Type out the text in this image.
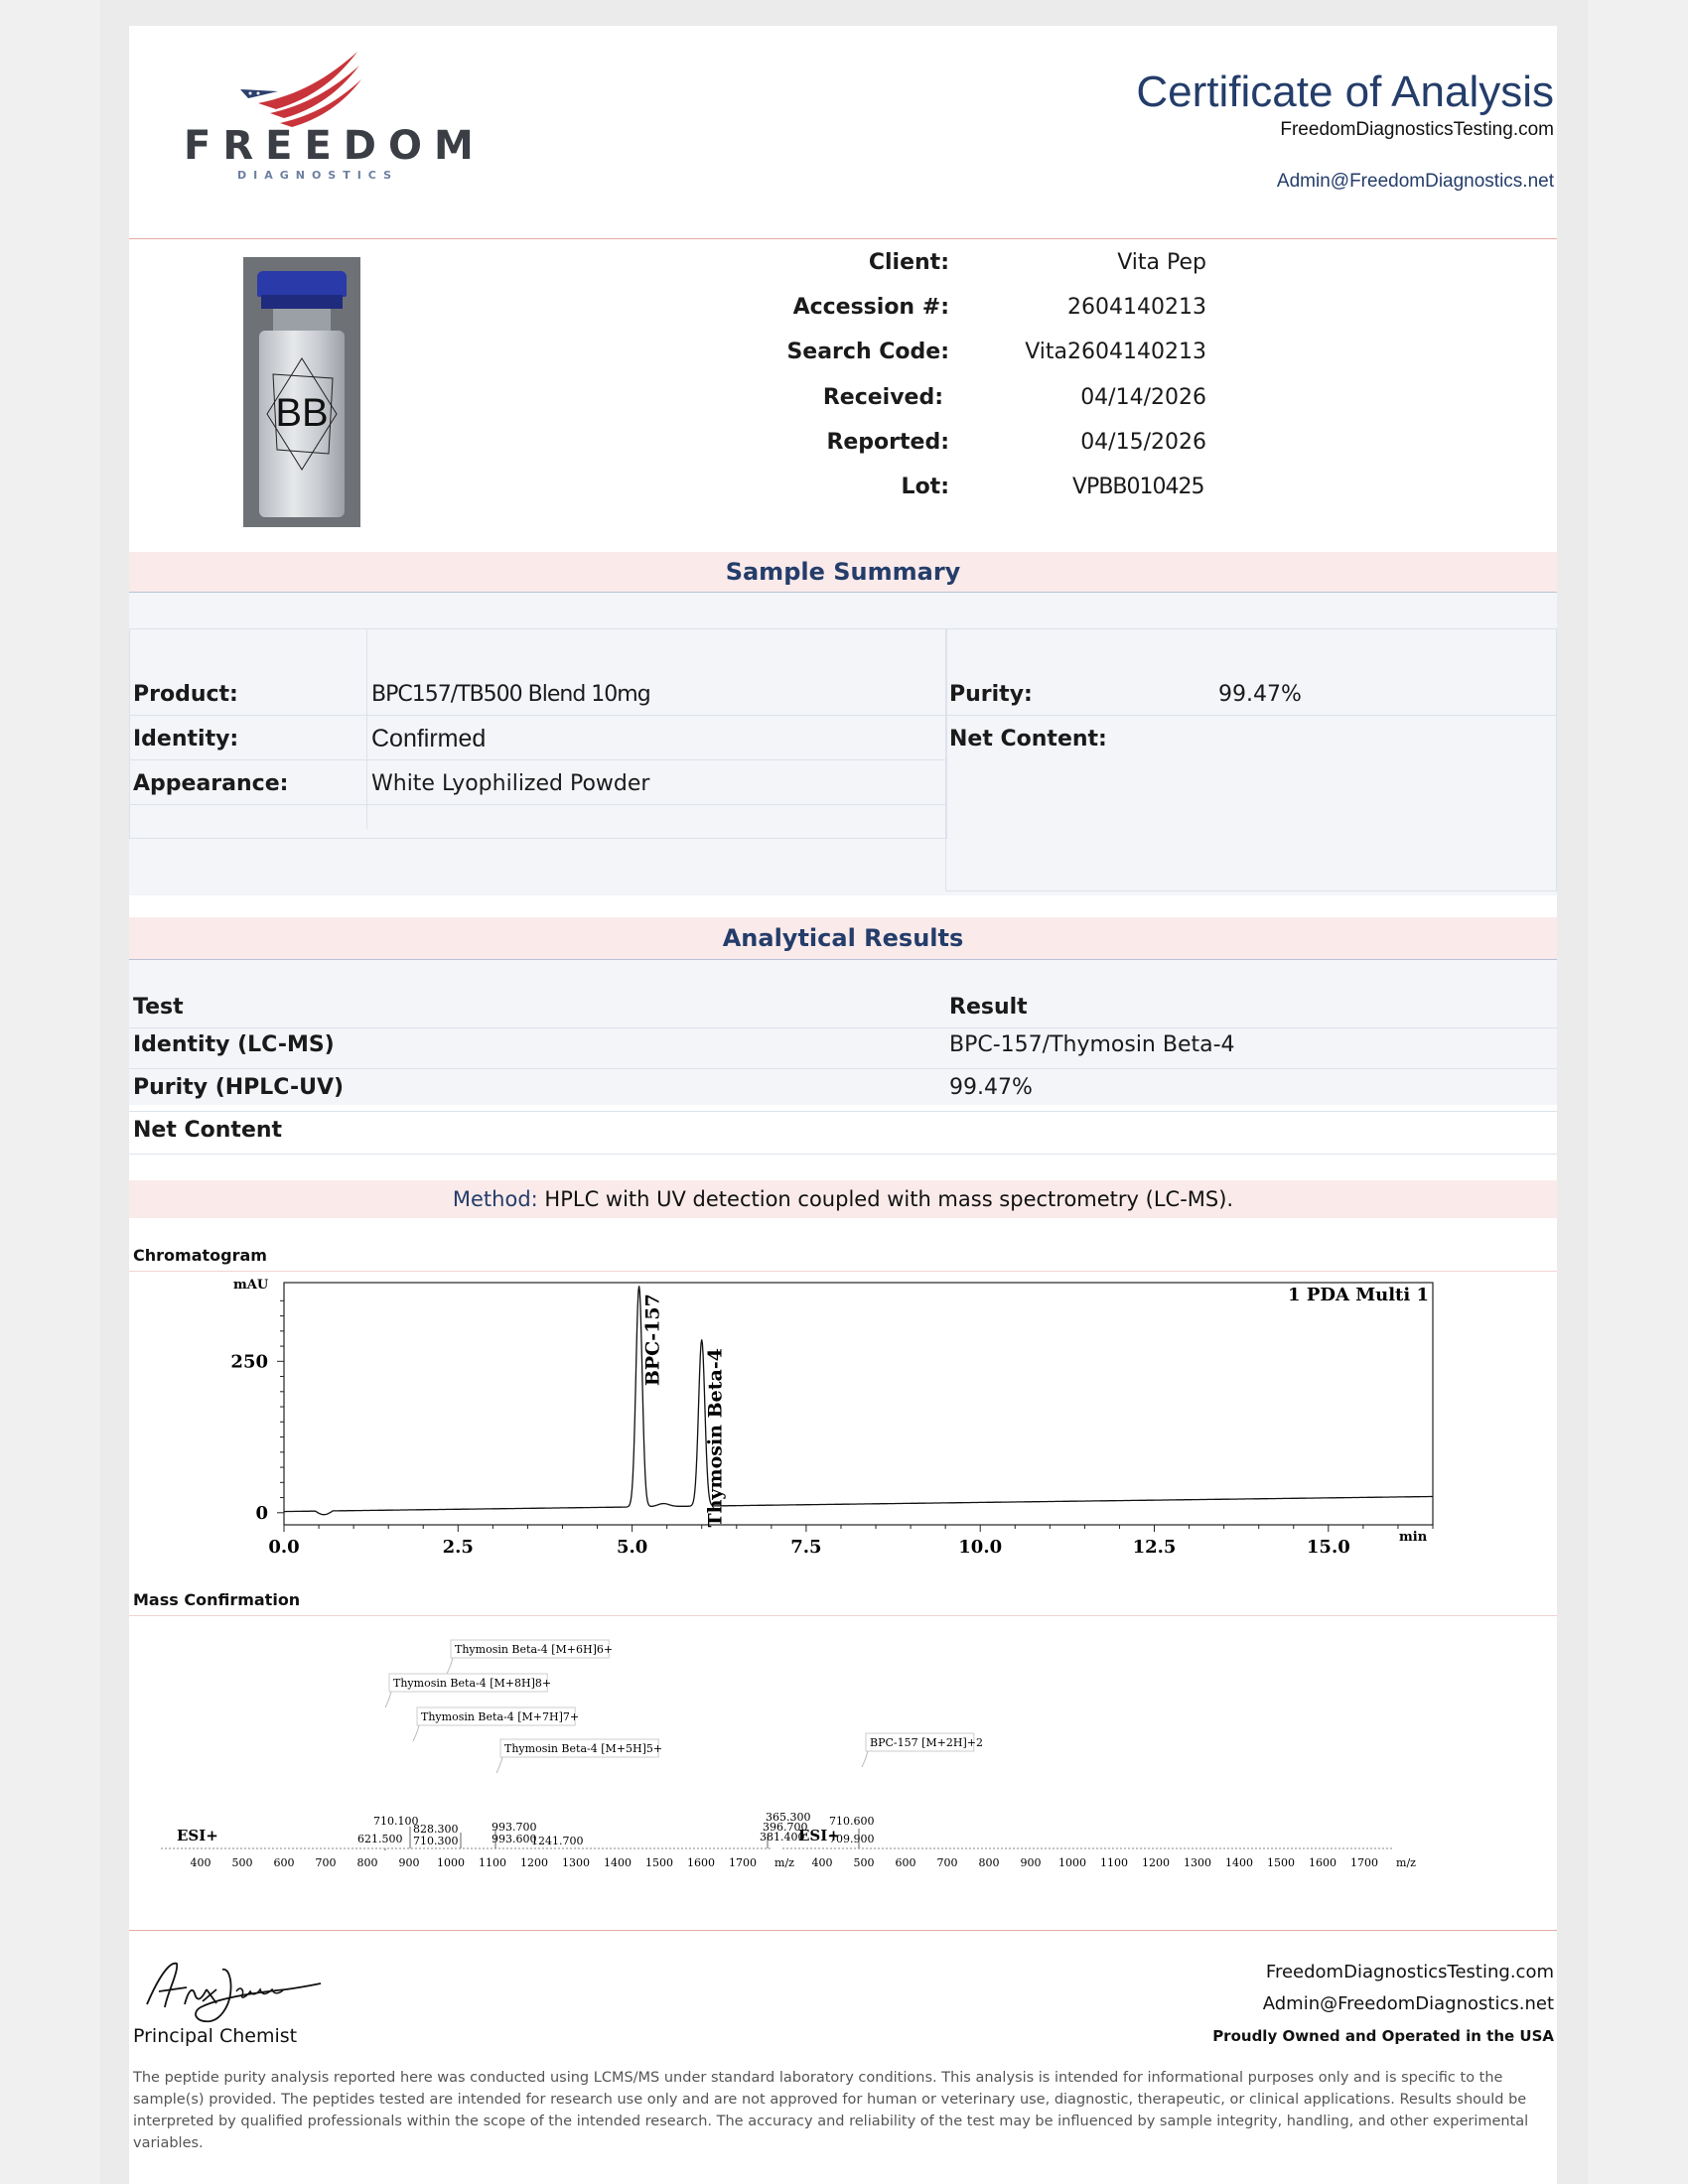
FREEDOM
DIAGNOSTICS
Certificate of Analysis
FreedomDiagnosticsTesting.com
Admin@FreedomDiagnostics.net
BB
Client:	Vita Pep
Accession #:	2604140213
Search Code:	Vita2604140213
Received:	04/14/2026
Reported:	04/15/2026
Lot:	VPBB010425
Sample Summary
Product:	BPC157/TB500 Blend 10mg
Identity:	Confirmed
Appearance:	White Lyophilized Powder
Purity:	99.47%
Net Content:
Analytical Results
Test	Result
Identity (LC-MS)	BPC-157/Thymosin Beta-4
Purity (HPLC-UV)	99.47%
Net Content
Method: HPLC with UV detection coupled with mass spectrometry (LC-MS).
Chromatogram
mAU
min
1 PDA Multi 1
0.0	2.5	5.0	7.5	10.0	12.5	15.0
0
250	BPC-157
Thymosin Beta-4
Mass Confirmation
ESI+
400 500 600 700 800 900 1000 1100 1200 1300 1400 1500 1600 1700 m/z
621.500
710.100
828.300
710.300
993.700
993.600
1241.700
Thymosin Beta-4 [M+6H]6+
Thymosin Beta-4 [M+8H]8+
Thymosin Beta-4 [M+7H]7+
Thymosin Beta-4 [M+5H]5+
ESI+
400 500 600 700 800 900 1000 1100 1200 1300 1400 1500 1600 1700 m/z
365.300
396.700
381.400
710.600
709.900
BPC-157 [M+2H]+2
Principal Chemist
FreedomDiagnosticsTesting.com
Admin@FreedomDiagnostics.net
Proudly Owned and Operated in the USA
The peptide purity analysis reported here was conducted using LCMS/MS under standard laboratory conditions. This analysis is intended for informational purposes only and is specific to the sample(s) provided. The peptides tested are intended for research use only and are not approved for human or veterinary use, diagnostic, therapeutic, or clinical applications. Results should be interpreted by qualified professionals within the scope of the intended research. The accuracy and reliability of the test may be influenced by sample integrity, handling, and other experimental variables.
